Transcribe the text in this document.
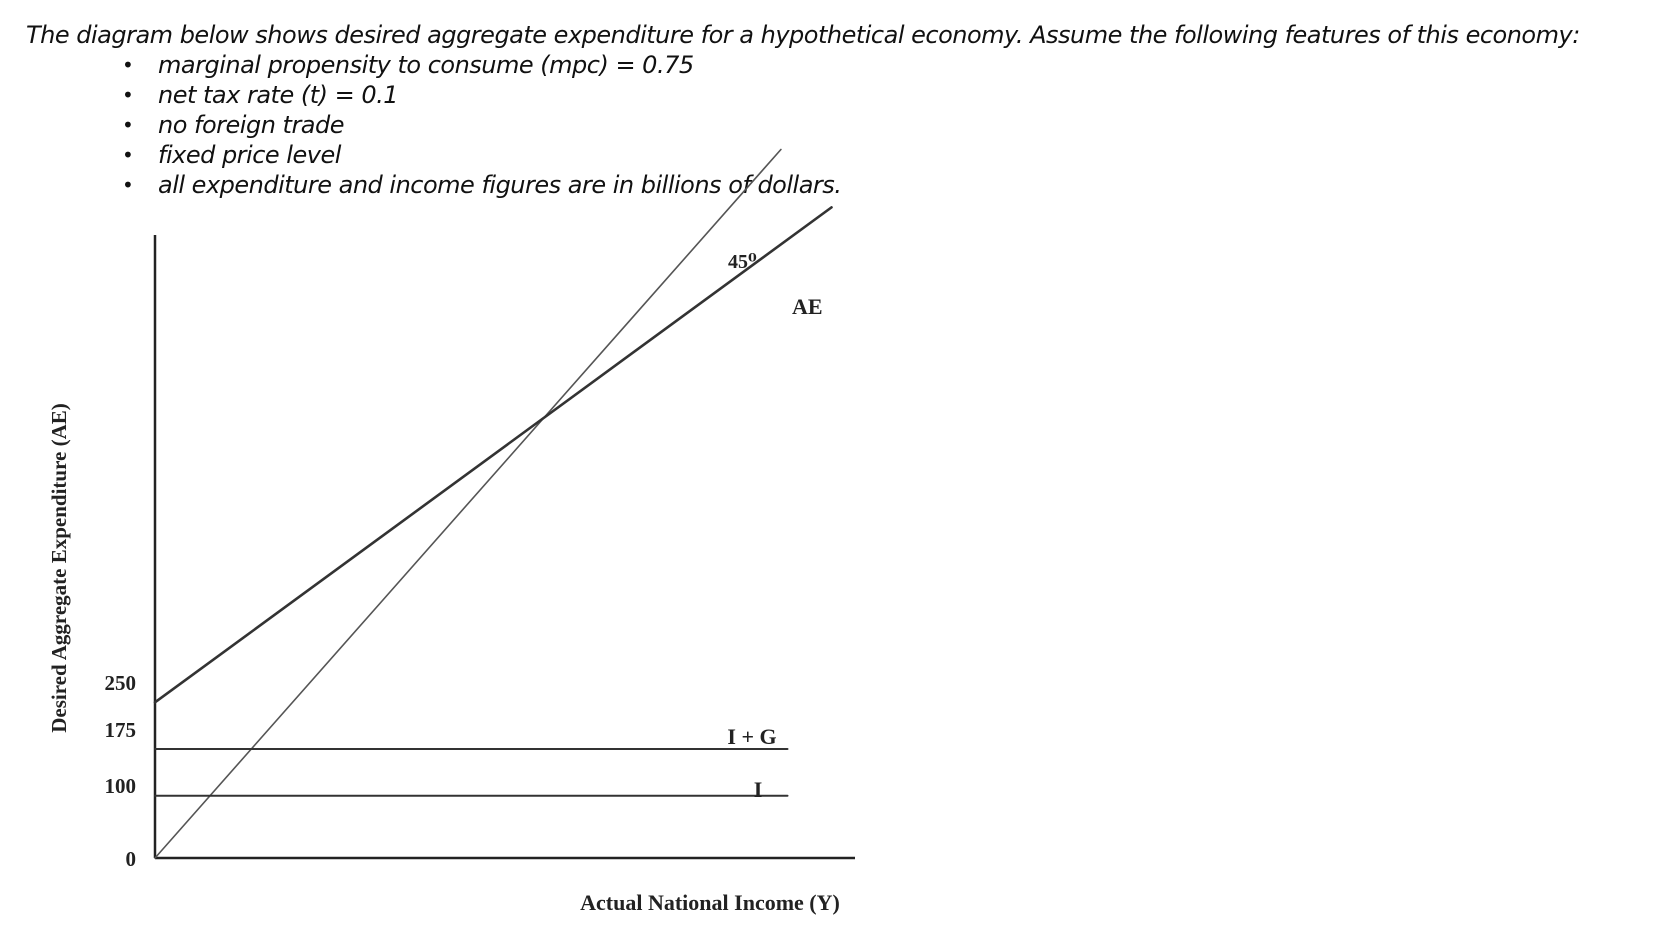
The diagram below shows desired aggregate expenditure for a hypothetical economy. Assume the following features of this economy:

• marginal propensity to consume (mpc) = 0.75
• net tax rate (t) = 0.1
• no foreign trade
• fixed price level
• all expenditure and income figures are in billions of dollars.
45⁰
AE
I + G
I
0
100
175
250
Actual National Income (Y)
Desired Aggregate Expenditure (AE)
